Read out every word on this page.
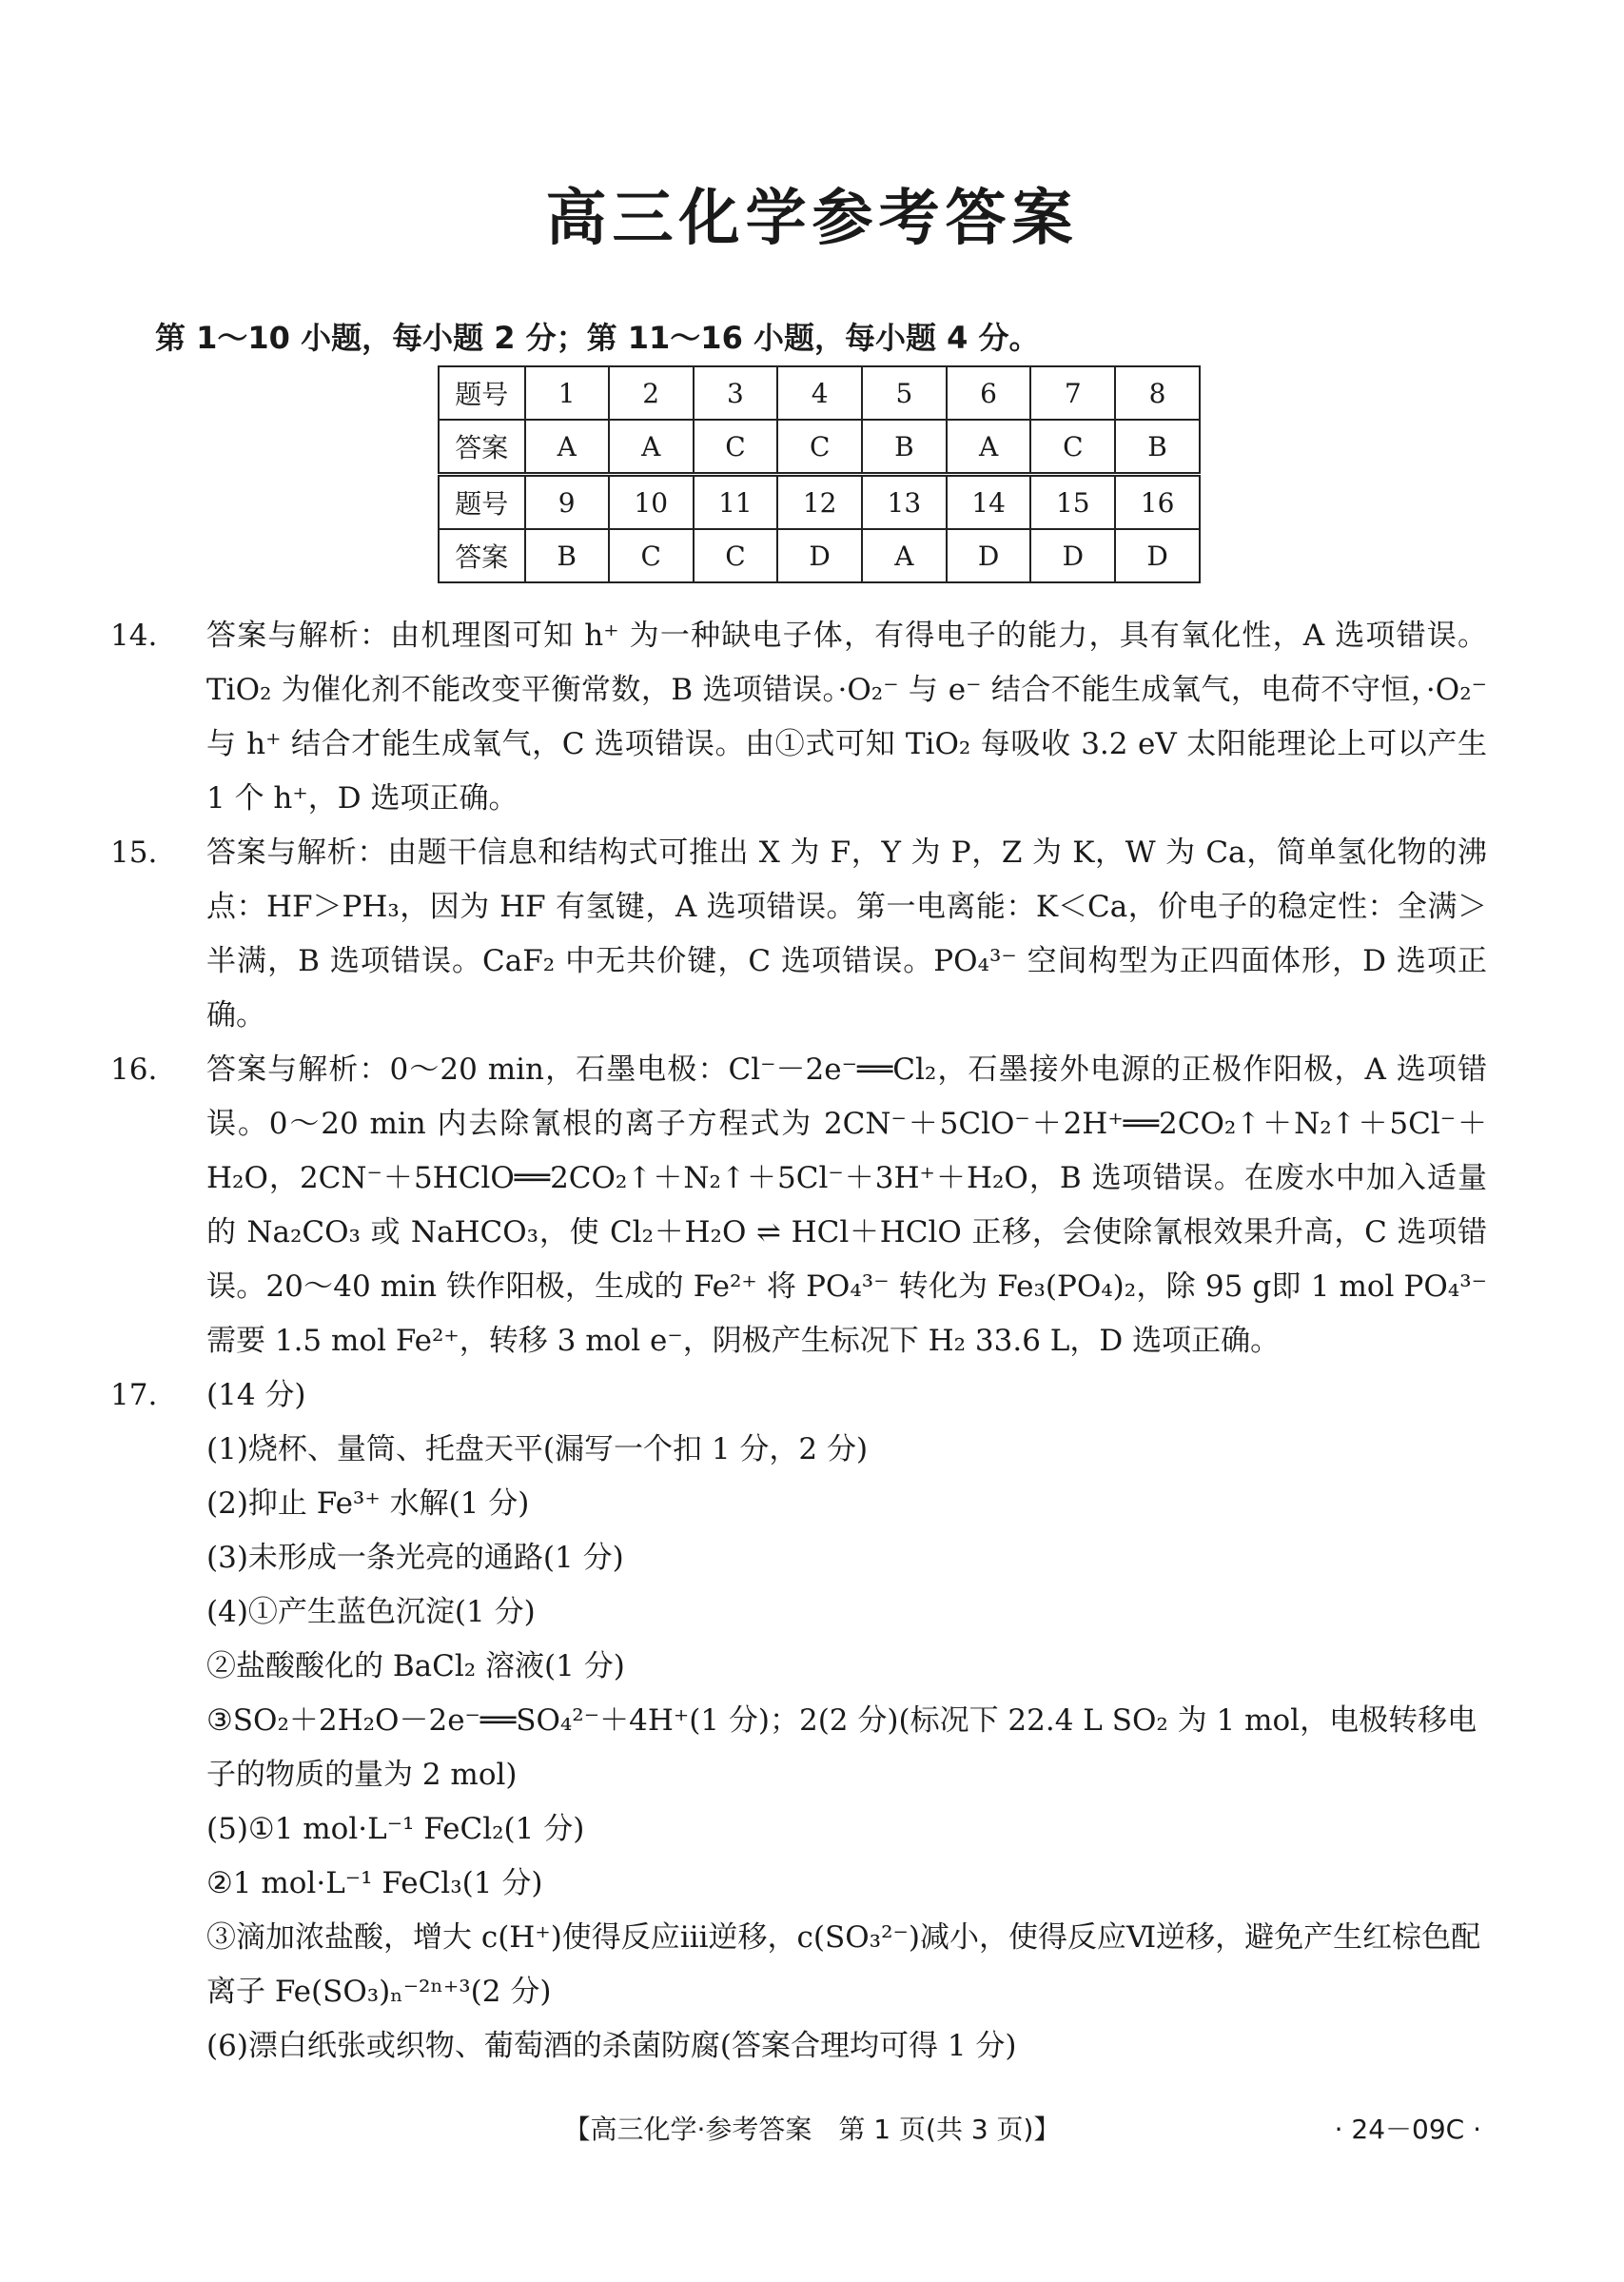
高三化学参考答案
第 1～10 小题，每小题 2 分；第 11～16 小题，每小题 4 分。
题号	1	2	3	4	5	6	7	8
答案	A	A	C	C	B	A	C	B
题号	9	10	11	12	13	14	15	16
答案	B	C	C	D	A	D	D	D

14. 答案与解析：由机理图可知 h⁺ 为一种缺电子体，有得电子的能力，具有氧化性，A 选项错误。TiO₂ 为催化剂不能改变平衡常数，B 选项错误。·O₂⁻ 与 e⁻ 结合不能生成氧气，电荷不守恒，·O₂⁻ 与 h⁺ 结合才能生成氧气，C 选项错误。由①式可知 TiO₂ 每吸收 3.2 eV 太阳能理论上可以产生 1 个 h⁺，D 选项正确。

15. 答案与解析：由题干信息和结构式可推出 X 为 F，Y 为 P，Z 为 K，W 为 Ca，简单氢化物的沸点：HF＞PH₃，因为 HF 有氢键，A 选项错误。第一电离能：K＜Ca，价电子的稳定性：全满＞半满，B 选项错误。CaF₂ 中无共价键，C 选项错误。PO₄³⁻ 空间构型为正四面体形，D 选项正确。

16. 答案与解析：0～20 min，石墨电极：Cl⁻－2e⁻══Cl₂，石墨接外电源的正极作阳极，A 选项错误。0～20 min 内去除氰根的离子方程式为 2CN⁻＋5ClO⁻＋2H⁺══2CO₂↑＋N₂↑＋5Cl⁻＋H₂O，2CN⁻＋5HClO══2CO₂↑＋N₂↑＋5Cl⁻＋3H⁺＋H₂O，B 选项错误。在废水中加入适量的 Na₂CO₃ 或 NaHCO₃，使 Cl₂＋H₂O ⇌ HCl＋HClO 正移，会使除氰根效果升高，C 选项错误。20～40 min 铁作阳极，生成的 Fe²⁺ 将 PO₄³⁻ 转化为 Fe₃(PO₄)₂，除 95 g即 1 mol PO₄³⁻ 需要 1.5 mol Fe²⁺，转移 3 mol e⁻，阴极产生标况下 H₂ 33.6 L，D 选项正确。

17. (14 分)

(1)烧杯、量筒、托盘天平(漏写一个扣 1 分，2 分)

(2)抑止 Fe³⁺ 水解(1 分)

(3)未形成一条光亮的通路(1 分)

(4)①产生蓝色沉淀(1 分)

②盐酸酸化的 BaCl₂ 溶液(1 分)

③SO₂＋2H₂O－2e⁻══SO₄²⁻＋4H⁺(1 分)；2(2 分)(标况下 22.4 L SO₂ 为 1 mol，电极转移电子的物质的量为 2 mol)

(5)①1 mol·L⁻¹ FeCl₂(1 分)

②1 mol·L⁻¹ FeCl₃(1 分)

③滴加浓盐酸，增大 c(H⁺)使得反应ⅲ逆移，c(SO₃²⁻)减小，使得反应Ⅵ逆移，避免产生红棕色配离子 Fe(SO₃)ₙ⁻²ⁿ⁺³(2 分)

(6)漂白纸张或织物、葡萄酒的杀菌防腐(答案合理均可得 1 分)

【高三化学·参考答案　第 1 页(共 3 页)】	· 24－09C ·
